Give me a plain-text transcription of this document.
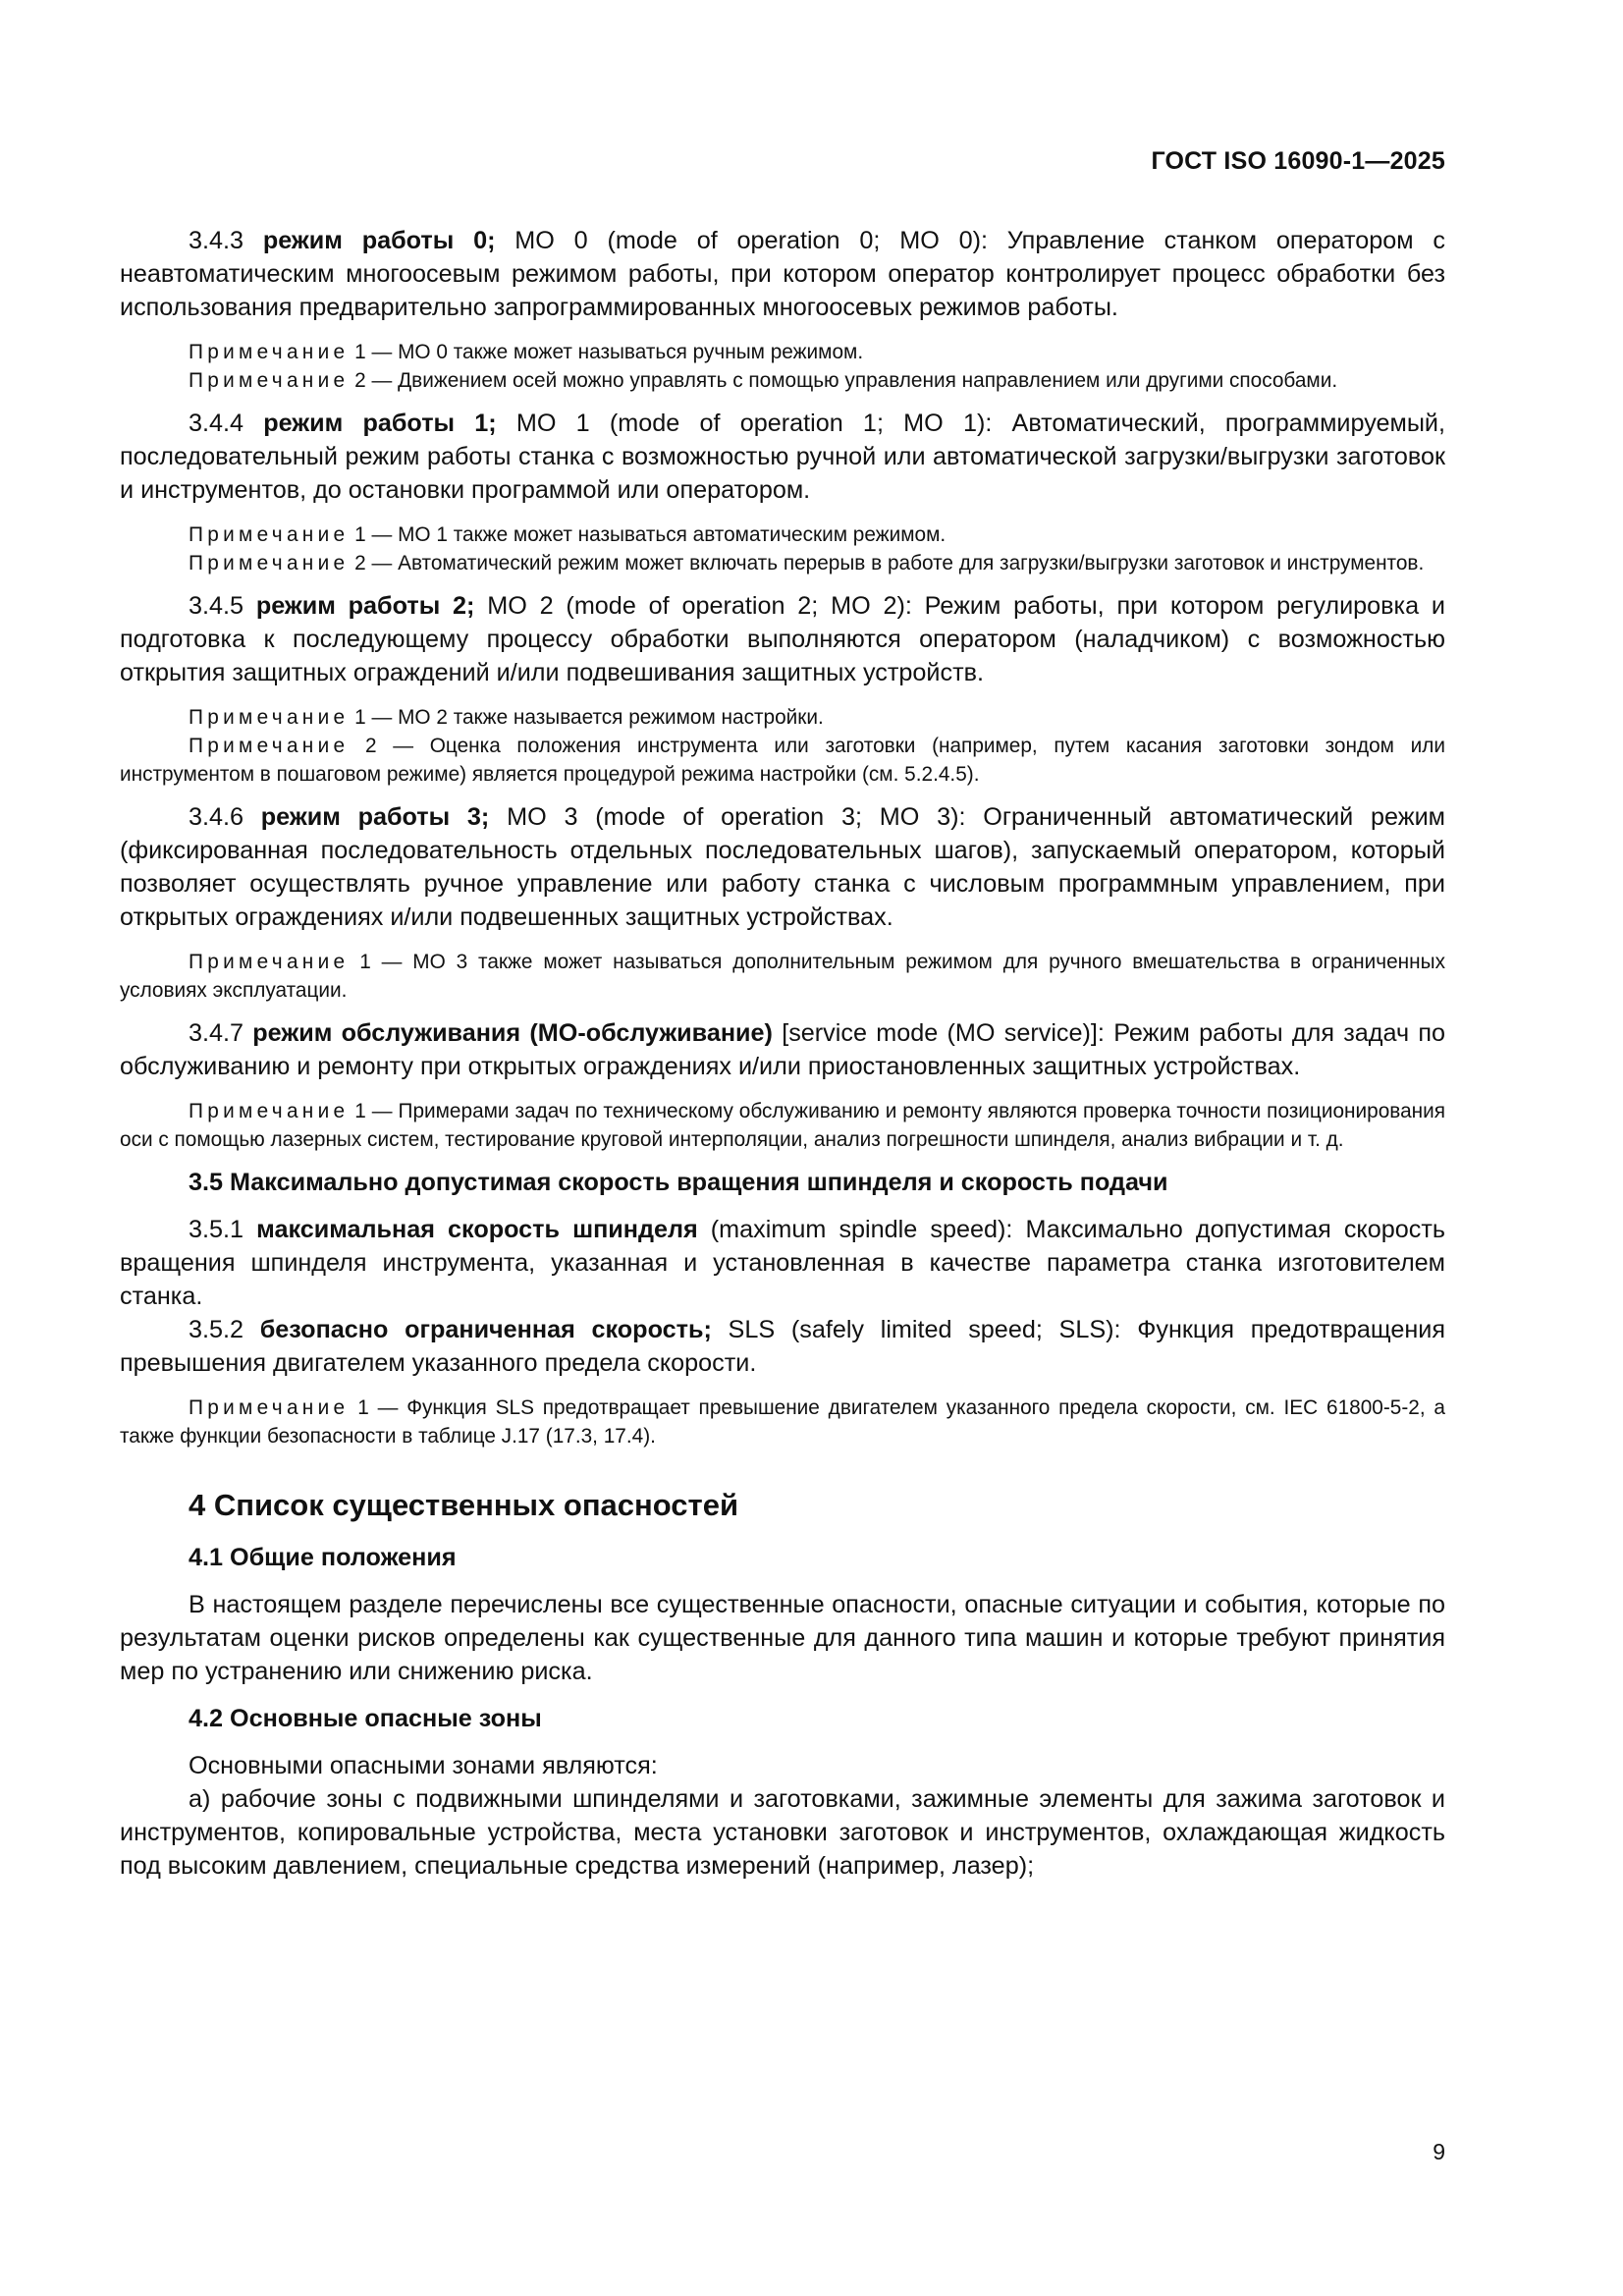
ГОСТ ISO 16090-1—2025

3.4.3 режим работы 0; МО 0 (mode of operation 0; MO 0): Управление станком оператором с неавтоматическим многоосевым режимом работы, при котором оператор контролирует процесс обработки без использования предварительно запрограммированных многоосевых режимов работы.

Примечание 1 — МО 0 также может называться ручным режимом.

Примечание 2 — Движением осей можно управлять с помощью управления направлением или другими способами.

3.4.4 режим работы 1; МО 1 (mode of operation 1; MO 1): Автоматический, программируемый, последовательный режим работы станка с возможностью ручной или автоматической загрузки/выгрузки заготовок и инструментов, до остановки программой или оператором.

Примечание 1 — МО 1 также может называться автоматическим режимом.

Примечание 2 — Автоматический режим может включать перерыв в работе для загрузки/выгрузки заготовок и инструментов.

3.4.5 режим работы 2; МО 2 (mode of operation 2; MO 2): Режим работы, при котором регулировка и подготовка к последующему процессу обработки выполняются оператором (наладчиком) с возможностью открытия защитных ограждений и/или подвешивания защитных устройств.

Примечание 1 — МО 2 также называется режимом настройки.

Примечание 2 — Оценка положения инструмента или заготовки (например, путем касания заготовки зондом или инструментом в пошаговом режиме) является процедурой режима настройки (см. 5.2.4.5).

3.4.6 режим работы 3; МО 3 (mode of operation 3; MO 3): Ограниченный автоматический режим (фиксированная последовательность отдельных последовательных шагов), запускаемый оператором, который позволяет осуществлять ручное управление или работу станка с числовым программным управлением, при открытых ограждениях и/или подвешенных защитных устройствах.

Примечание 1 — МО 3 также может называться дополнительным режимом для ручного вмешательства в ограниченных условиях эксплуатации.

3.4.7 режим обслуживания (МО-обслуживание) [service mode (MO service)]: Режим работы для задач по обслуживанию и ремонту при открытых ограждениях и/или приостановленных защитных устройствах.

Примечание 1 — Примерами задач по техническому обслуживанию и ремонту являются проверка точности позиционирования оси с помощью лазерных систем, тестирование круговой интерполяции, анализ погрешности шпинделя, анализ вибрации и т. д.

3.5 Максимально допустимая скорость вращения шпинделя и скорость подачи

3.5.1 максимальная скорость шпинделя (maximum spindle speed): Максимально допустимая скорость вращения шпинделя инструмента, указанная и установленная в качестве параметра станка изготовителем станка.

3.5.2 безопасно ограниченная скорость; SLS (safely limited speed; SLS): Функция предотвращения превышения двигателем указанного предела скорости.

Примечание 1 — Функция SLS предотвращает превышение двигателем указанного предела скорости, см. IEC 61800-5-2, а также функции безопасности в таблице J.17 (17.3, 17.4).

4 Список существенных опасностей

4.1 Общие положения

В настоящем разделе перечислены все существенные опасности, опасные ситуации и события, которые по результатам оценки рисков определены как существенные для данного типа машин и которые требуют принятия мер по устранению или снижению риска.

4.2 Основные опасные зоны

Основными опасными зонами являются:

а) рабочие зоны с подвижными шпинделями и заготовками, зажимные элементы для зажима заготовок и инструментов, копировальные устройства, места установки заготовок и инструментов, охлаждающая жидкость под высоким давлением, специальные средства измерений (например, лазер);

9
